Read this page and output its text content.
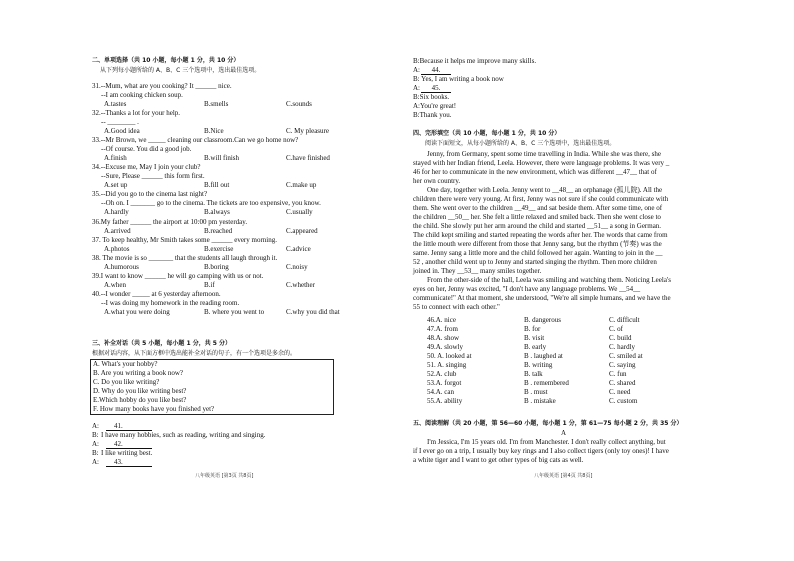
二、单项选择（共 10 小题，每小题 1 分，共 10 分）
从下列每小题所给的 A、B、C 三个选项中，选出最佳选项。
31.--Mum, what are you cooking? It ______ nice.
--I am cooking chicken soup.
A.tastes	B.smells	C.sounds
32.--Thanks a lot for your help.
-- ________ .
A.Good idea	B.Nice	C. My pleasure
33.--Mr Brown, we _____ cleaning our classroom.Can we go home now?
--Of course. You did a good job.
A.finish	B.will finish	C.have finished
34.--Excuse me, May I join your club?
--Sure, Please ______ this form first.
A.set up	B.fill out	C.make up
35.--Did you go to the cinema last night?
--Oh on. I _______ go to the cinema. The tickets are too expensive, you know.
A.hardly	B.always	C.usually
36.My father ______ the airport at 10:00 pm yesterday.
A.arrived	B.reached	C.appeared
37. To keep healthy, Mr Smith takes some ______ every morning.
A.photos	B.exercise	C.advice
38. The movie is so _______ that the students all laugh through it.
A.humorous	B.boring	C.noisy
39.I want to know ______ he will go camping with us or not.
A.when	B.if	C.whether
40.--I wonder _____ at 6 yesterday afternoon.
--I was doing my homework in the reading room.
A.what you were doing	B. where you went to	C.why you did that
三、补全对话（共 5 小题，每小题 1 分，共 5 分）
根据对话内容，从下面方框中选出能补全对话的句子，有一个选项是多余的。
A. What's your hobby?
B. Are you writing a book now?
C. Do you like writing?
D. Why do you like writing best?
E.Which hobby do you like best?
F. How many books have you finished yet?
A:	41.
B: I have many hobbies, such as reading, writing and singing.
A:	42.
B: I like writing best.
A:	43.
八年级英语 [第3页 共8页]
B:Because it helps me improve many skills.
A:
B: Yes, I am writing a book now
A:
B:Six books.
A:You're great!
B:Thank you.
44.
45.
四、完形填空（共 10 小题，每小题 1 分，共 10 分）
阅读下面短文，从每小题所给的 A、B、C 三个选项中，选出最佳选项。
Jenny, from Germany, spent some time travelling in India. While she was there, she
stayed with her Indian friend, Leela. However, there were language problems. It was very _
46 for her to communicate in the new environment, which was different __47__ that of
her own country.
One day, together with Leela. Jenny went to __48__ an orphanage (孤儿院). All the
children there were very young. At first, Jenny was not sure if she could communicate with
them. She went over to the children __49__ and sat beside them. After some time, one of
the children __50__ her. She felt a little relaxed and smiled back. Then she went close to
the child. She slowly put her arm around the child and started __51__ a song in German.
The child kept smiling and started repeating the words after her. The words that came from
the little mouth were different from those that Jenny sang, but the rhythm (节奏) was the
same. Jenny sang a little more and the child followed her again. Wanting to join in the __
52 , another child went up to Jenny and started singing the rhythm. Then more children
joined in. They __53__ many smiles together.
From the other-side of the hall, Leela was smiling and watching them. Noticing Leela's
eyes on her, Jenny was excited, "I don't have any language problems. We __54__
communicate!" At that moment, she understood, "We're all simple humans, and we have the
55 to connect with each other."
46.A. nice	B. dangerous	C. difficult
47.A. from	B. for	C. of
48.A. show	B. visit	C. build
49.A. slowly	B. early	C. hardly
50. A. looked at	B . laughed at	C. smiled at
51. A. singing	B. writing	C. saying
52.A. club	B. talk	C. fun
53.A. forgot	B . remembered	C. shared
54.A. can	B . must	C. need
55.A. ability	B . mistake	C. custom
五、阅读理解（共 20 小题，第 56—60 小题，每小题 1 分，第 61—75 每小题 2 分，共 35 分）
A
I'm Jessica, I'm 15 years old. I'm from Manchester. I don't really collect anything, but
if I ever go on a trip, I usually buy key rings and I also collect tigers (only toy ones)! I have
a white tiger and I want to get other types of big cats as well.
八年级英语 [第4页 共8页]
